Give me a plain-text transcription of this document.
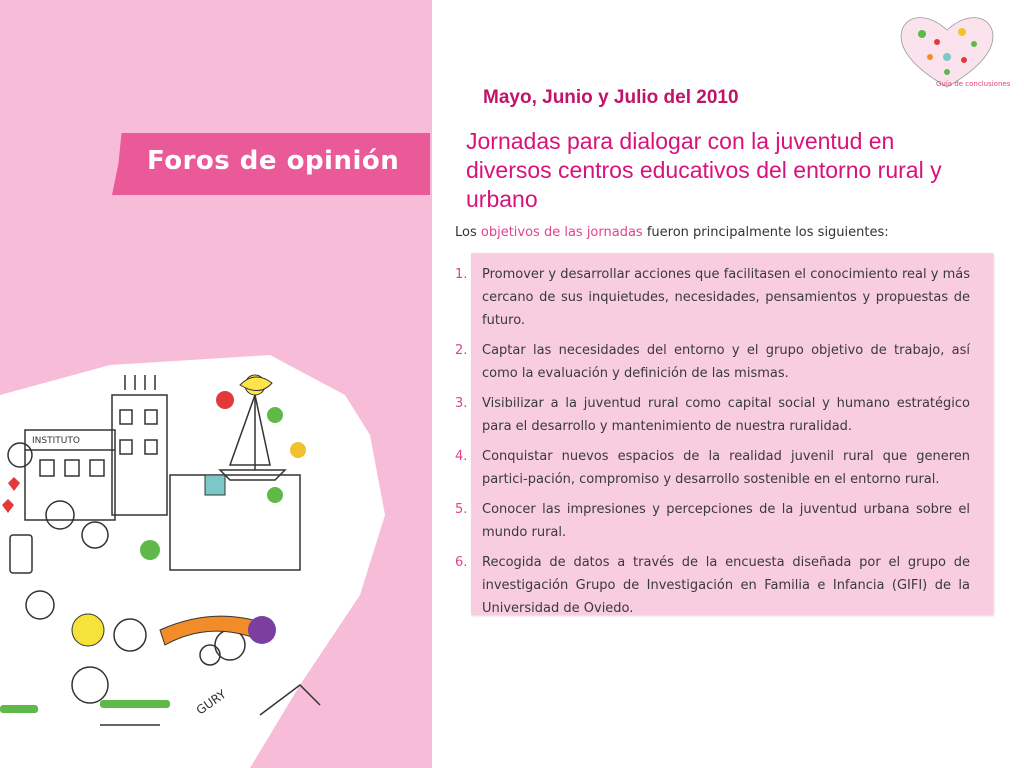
Foros de opinión
INSTITUTO
GURY
Guía de conclusiones
Mayo, Junio y Julio del 2010
Jornadas para dialogar con la juventud en diversos centros educativos del entorno rural y urbano
Los objetivos de las jornadas fueron principalmente los siguientes:
1.	Promover y desarrollar acciones que facilitasen el conocimiento real y más cercano de sus inquietudes, necesidades, pensamientos y propuestas de futuro.
2.	Captar las necesidades del entorno y el grupo objetivo de trabajo, así como la evaluación y definición de las mismas.
3.	Visibilizar a la juventud rural como capital social y humano estratégico para el desarrollo y mantenimiento de nuestra ruralidad.
4.	Conquistar nuevos espacios de la realidad juvenil rural que generen partici-pación, compromiso y desarrollo sostenible en el entorno rural.
5.	Conocer las impresiones y percepciones de la juventud urbana sobre el mundo rural.
6.	Recogida de datos a través de la encuesta diseñada por el grupo de investigación Grupo de Investigación en Familia e Infancia (GIFI) de la Universidad de Oviedo.
